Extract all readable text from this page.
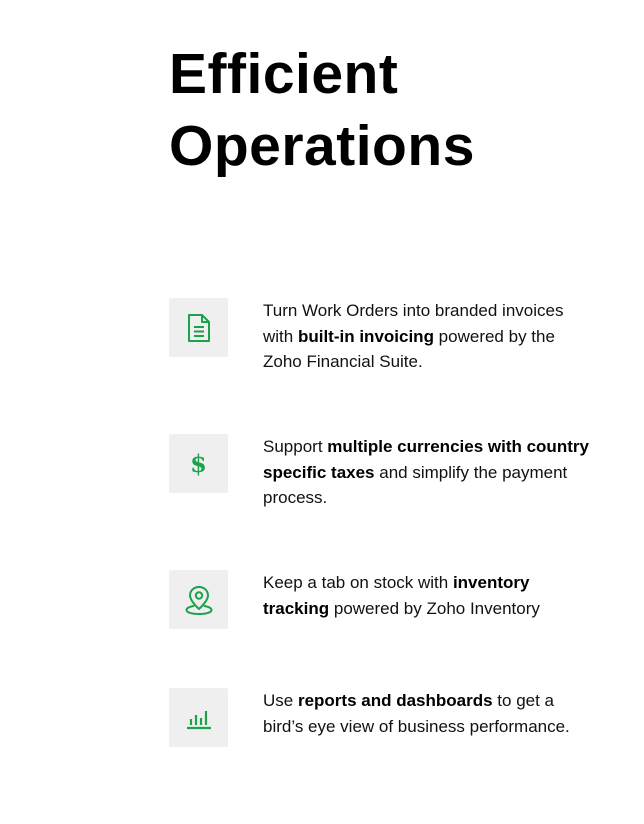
Efficient
Operations

Turn Work Orders into branded invoices with built-in invoicing powered by the Zoho Financial Suite.

$

Support multiple currencies with country specific taxes and simplify the payment process.

Keep a tab on stock with inventory tracking powered by Zoho Inventory

Use reports and dashboards to get a bird’s eye view of business performance.
